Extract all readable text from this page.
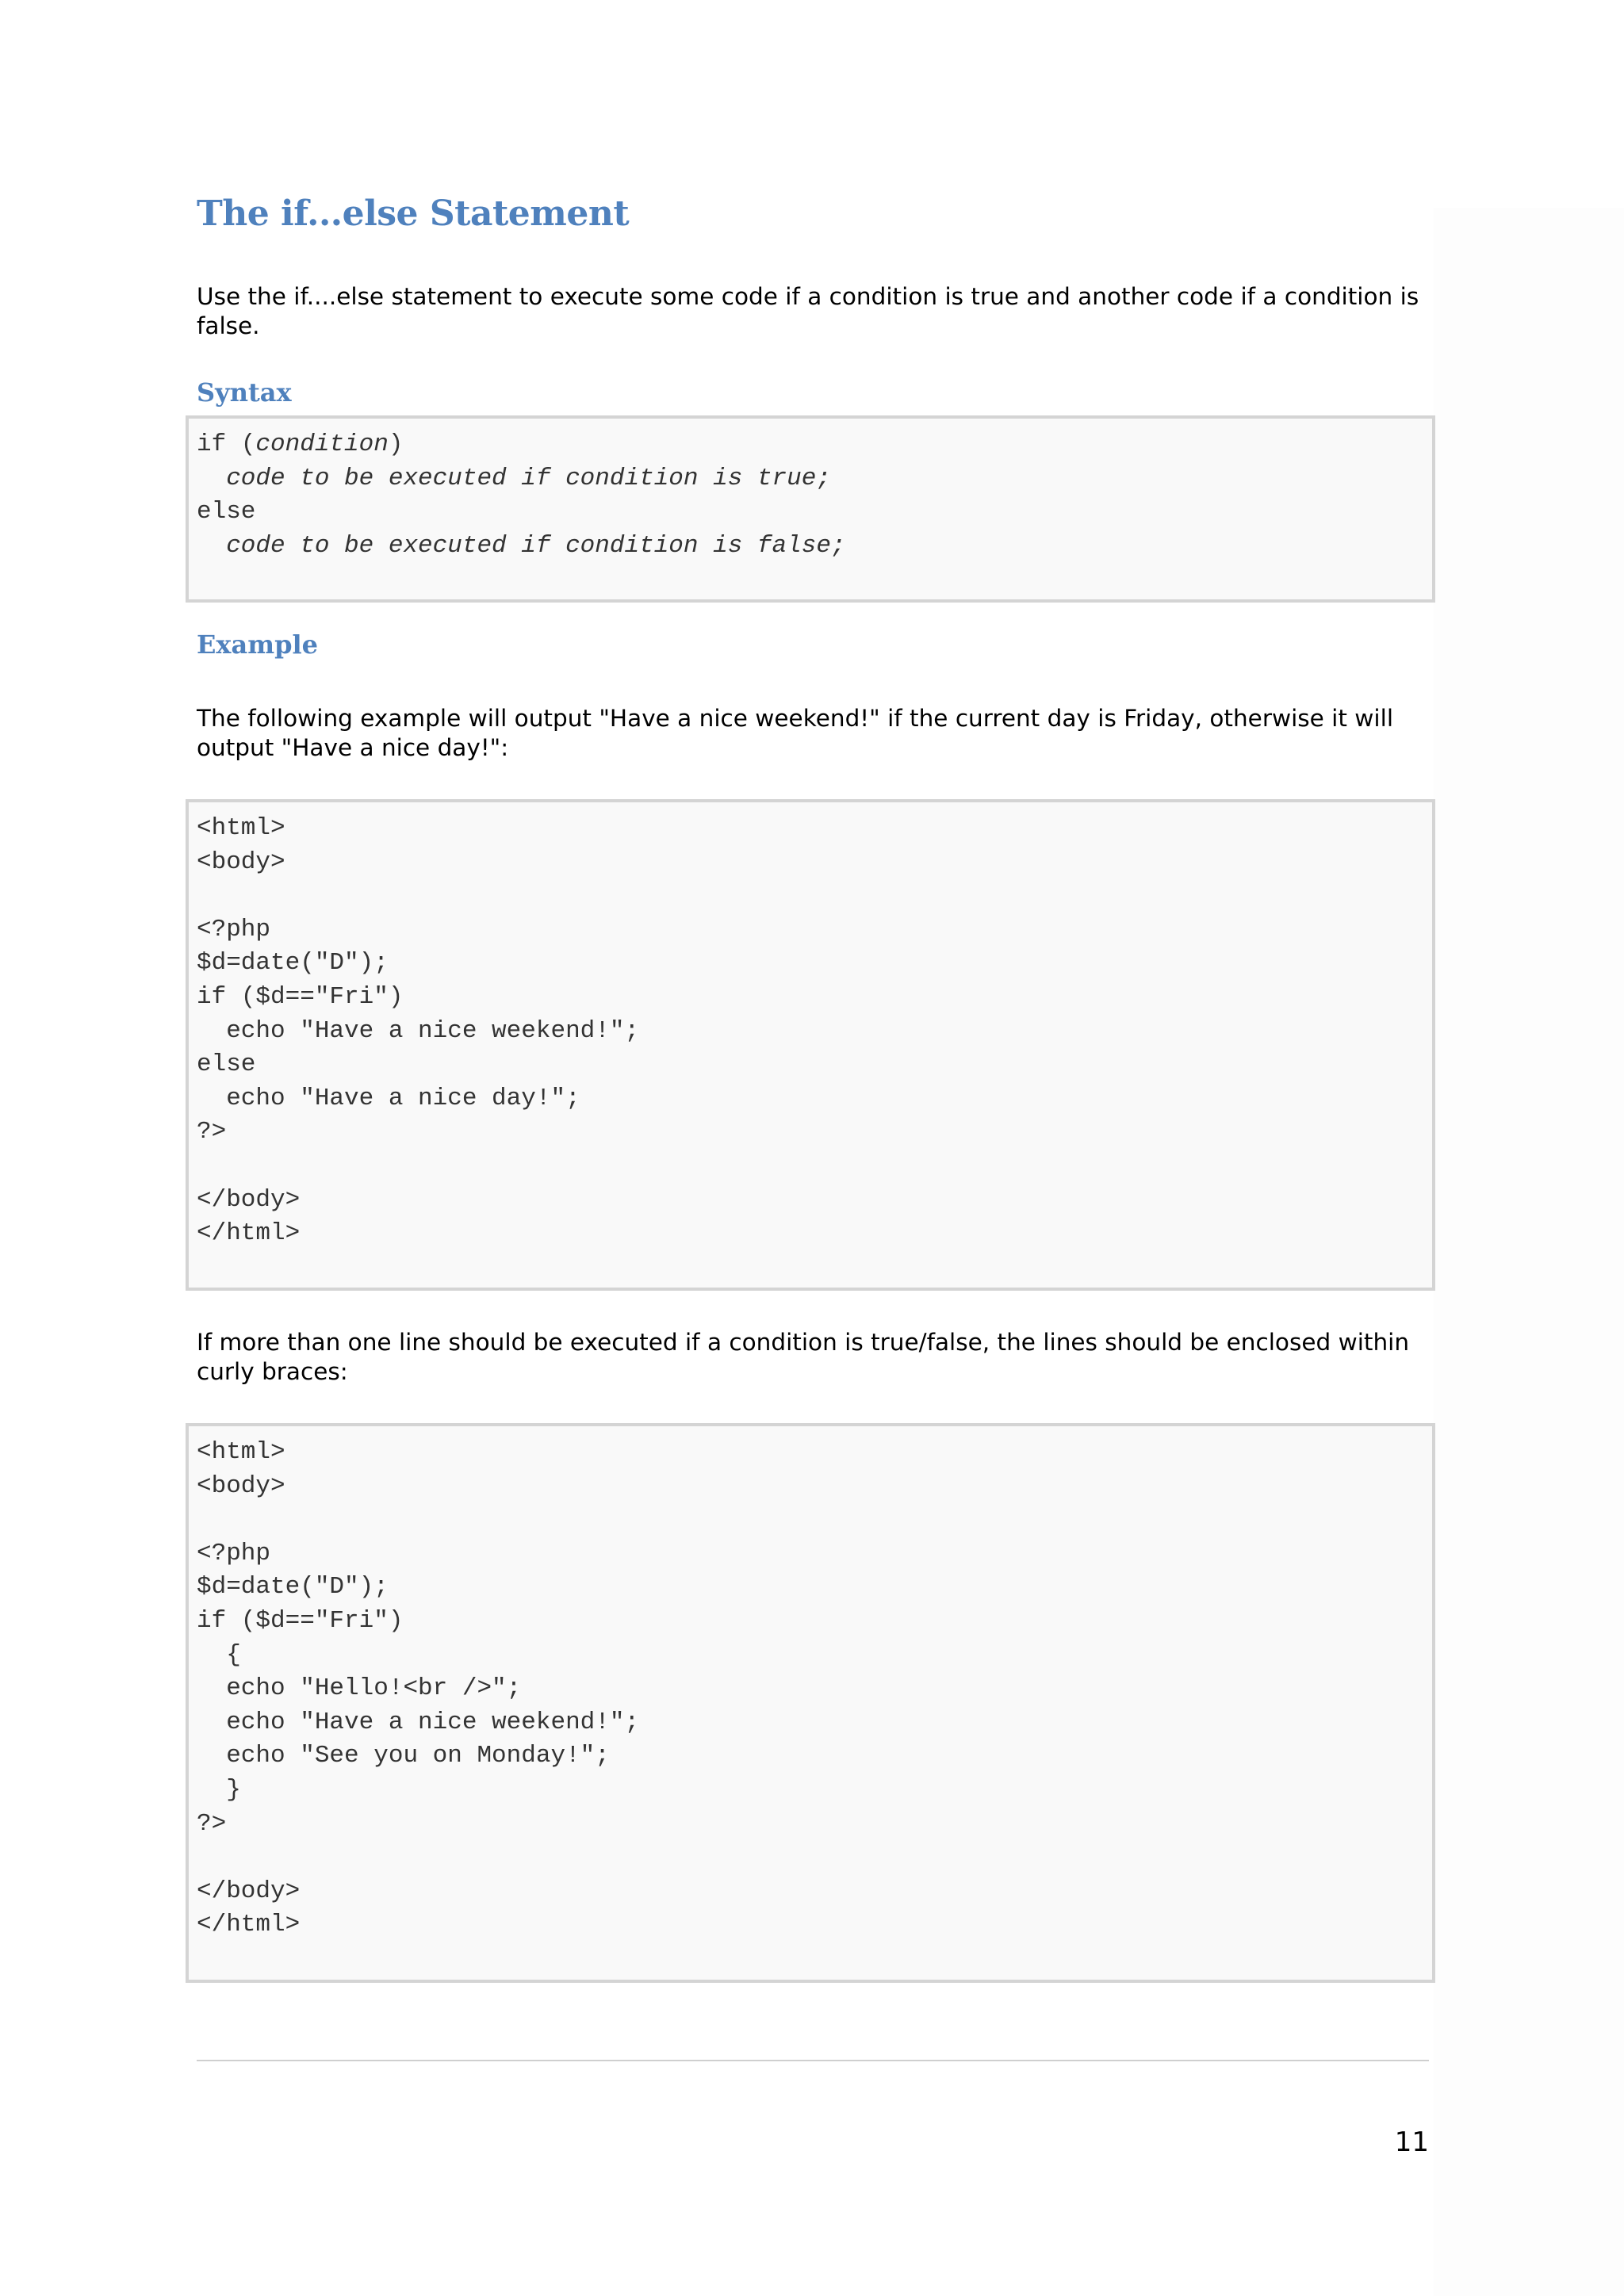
The if...else Statement

Use the if....else statement to execute some code if a condition is true and another code if a condition is false.

Syntax
if (condition)
code to be executed if condition is true;
else
code to be executed if condition is false;
Example

The following example will output "Have a nice weekend!" if the current day is Friday, otherwise it will output "Have a nice day!":

<html>
<body>
<?php
$d=date("D");
if ($d=="Fri")
echo "Have a nice weekend!";
else
echo "Have a nice day!";
?>
</body>
</html>

If more than one line should be executed if a condition is true/false, the lines should be enclosed within curly braces:

<html>
<body>
<?php
$d=date("D");
if ($d=="Fri")
{
echo "Hello!<br />";
echo "Have a nice weekend!";
echo "See you on Monday!";
}
?>
</body>
</html>
11
